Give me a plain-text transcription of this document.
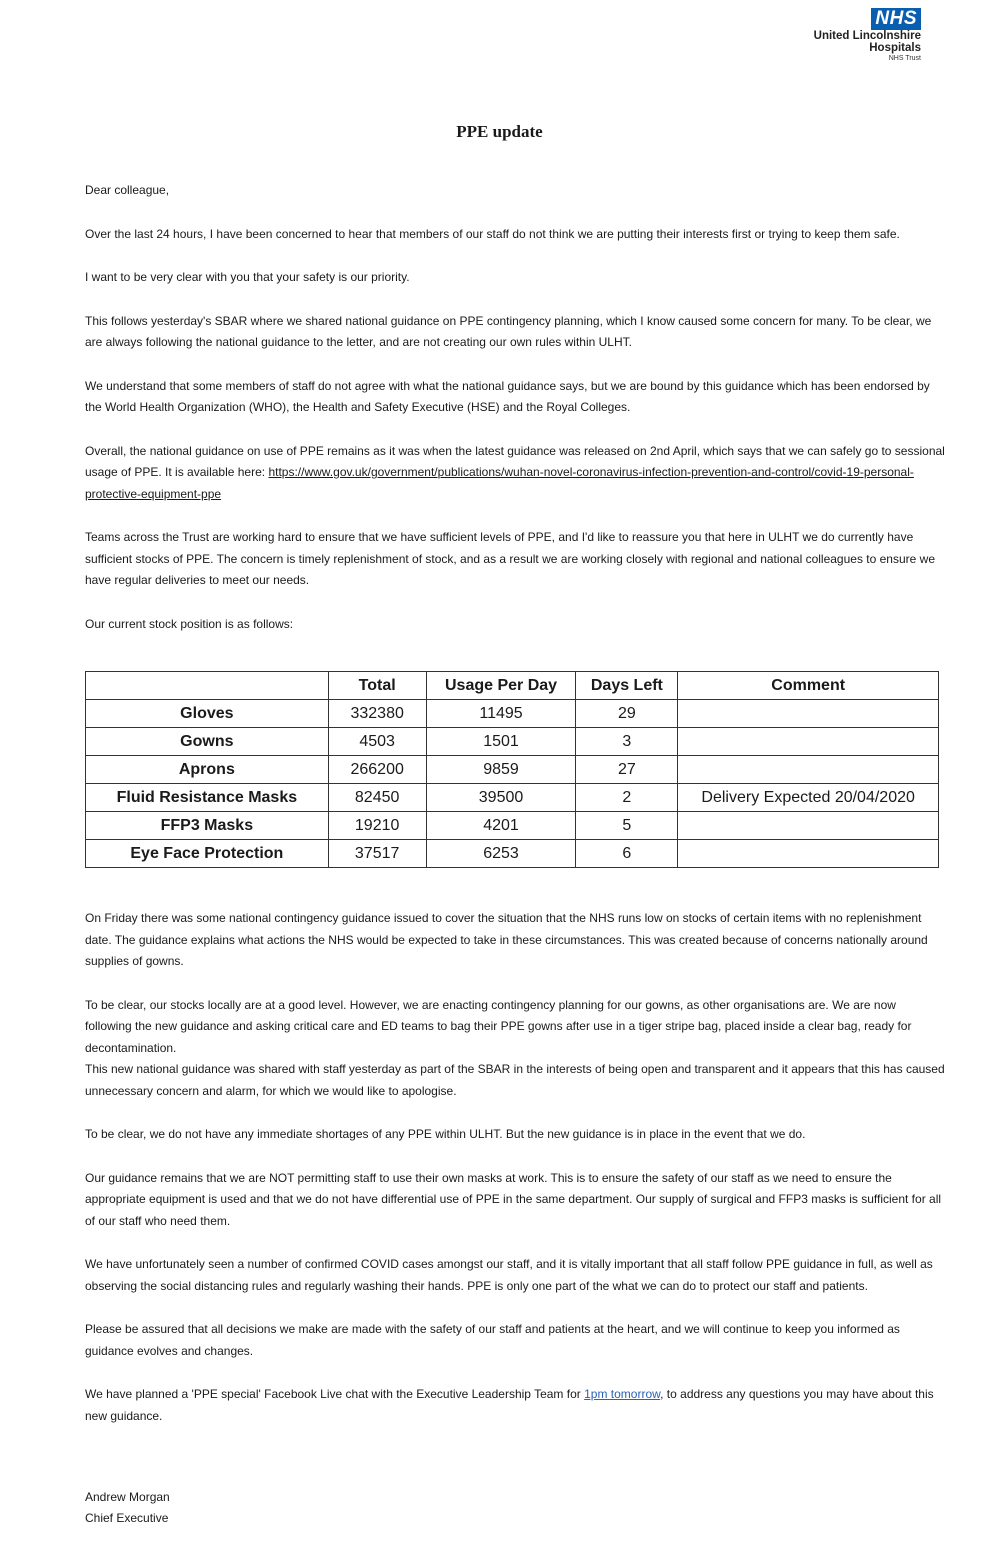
NHS
United Lincolnshire
Hospitals
NHS Trust
PPE update

Dear colleague,

Over the last 24 hours, I have been concerned to hear that members of our staff do not think we are putting their interests first or trying to keep them safe.

I want to be very clear with you that your safety is our priority.

This follows yesterday's SBAR where we shared national guidance on PPE contingency planning, which I know caused some concern for many. To be clear, we are always following the national guidance to the letter, and are not creating our own rules within ULHT.

We understand that some members of staff do not agree with what the national guidance says, but we are bound by this guidance which has been endorsed by the World Health Organization (WHO), the Health and Safety Executive (HSE) and the Royal Colleges.

Overall, the national guidance on use of PPE remains as it was when the latest guidance was released on 2nd April, which says that we can safely go to sessional usage of PPE. It is available here: https://www.gov.uk/government/publications/wuhan-novel-coronavirus-infection-prevention-and-control/covid-19-personal-protective-equipment-ppe

Teams across the Trust are working hard to ensure that we have sufficient levels of PPE, and I'd like to reassure you that here in ULHT we do currently have sufficient stocks of PPE. The concern is timely replenishment of stock, and as a result we are working closely with regional and national colleagues to ensure we have regular deliveries to meet our needs.

Our current stock position is as follows:

	Total	Usage Per Day	Days Left	Comment
Gloves	332380	11495	29	
Gowns	4503	1501	3	
Aprons	266200	9859	27	
Fluid Resistance Masks	82450	39500	2	Delivery Expected 20/04/2020
FFP3 Masks	19210	4201	5	
Eye Face Protection	37517	6253	6	

On Friday there was some national contingency guidance issued to cover the situation that the NHS runs low on stocks of certain items with no replenishment date. The guidance explains what actions the NHS would be expected to take in these circumstances. This was created because of concerns nationally around supplies of gowns.

To be clear, our stocks locally are at a good level. However, we are enacting contingency planning for our gowns, as other organisations are. We are now following the new guidance and asking critical care and ED teams to bag their PPE gowns after use in a tiger stripe bag, placed inside a clear bag, ready for decontamination.

This new national guidance was shared with staff yesterday as part of the SBAR in the interests of being open and transparent and it appears that this has caused unnecessary concern and alarm, for which we would like to apologise.

To be clear, we do not have any immediate shortages of any PPE within ULHT. But the new guidance is in place in the event that we do.

Our guidance remains that we are NOT permitting staff to use their own masks at work. This is to ensure the safety of our staff as we need to ensure the appropriate equipment is used and that we do not have differential use of PPE in the same department. Our supply of surgical and FFP3 masks is sufficient for all of our staff who need them.

We have unfortunately seen a number of confirmed COVID cases amongst our staff, and it is vitally important that all staff follow PPE guidance in full, as well as observing the social distancing rules and regularly washing their hands. PPE is only one part of the what we can do to protect our staff and patients.

Please be assured that all decisions we make are made with the safety of our staff and patients at the heart, and we will continue to keep you informed as guidance evolves and changes.

We have planned a 'PPE special' Facebook Live chat with the Executive Leadership Team for 1pm tomorrow, to address any questions you may have about this new guidance.

Andrew Morgan
Chief Executive
